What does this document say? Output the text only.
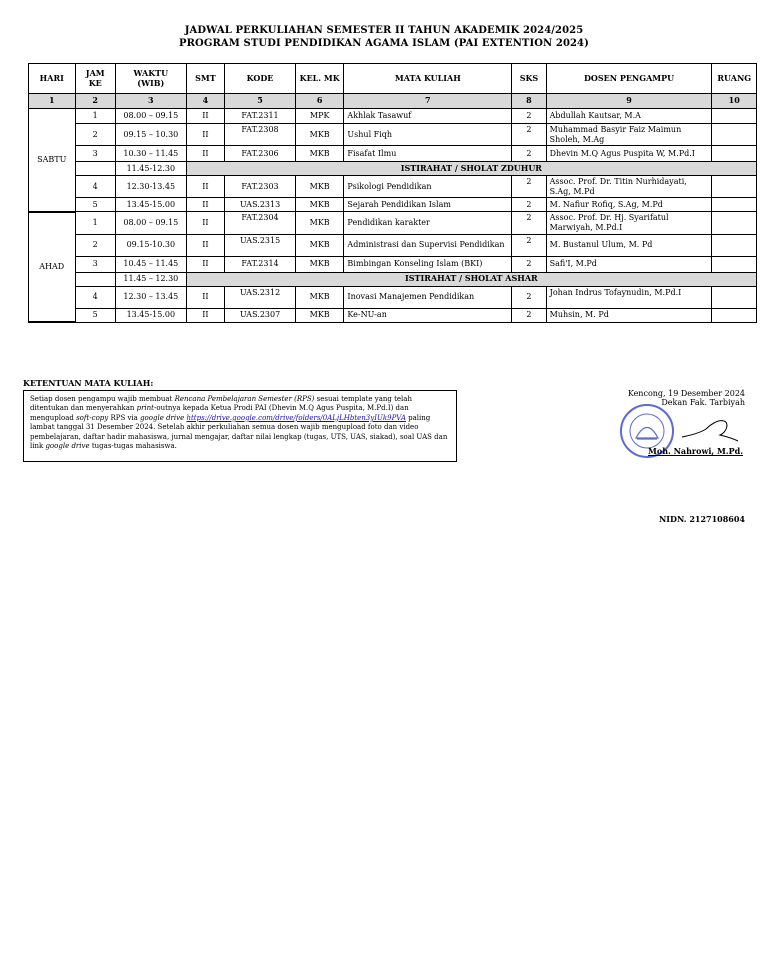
JADWAL PERKULIAHAN SEMESTER II TAHUN AKADEMIK 2024/2025
PROGRAM STUDI PENDIDIKAN AGAMA ISLAM (PAI EXTENTION 2024)
HARI	JAM KE	WAKTU (WIB)	SMT	KODE	KEL. MK	MATA KULIAH	SKS	DOSEN PENGAMPU	RUANG
1	2	3	4	5	6	7	8	9	10
SABTU	1	08.00 – 09.15	II	FAT.2311	MPK	Akhlak Tasawuf	2	Abdullah Kautsar, M.A	
	2	09.15 – 10.30	II	FAT.2308	MKB	Ushul Fiqh	2	Muhammad Basyir Faiz Maimun Sholeh, M.Ag	
	3	10.30 – 11.45	II	FAT.2306	MKB	Fisafat Ilmu	2	Dhevin M.Q Agus Puspita W, M.Pd.I	
		11.45-12.30	ISTIRAHAT / SHOLAT ZDUHUR						
	4	12.30-13.45	II	FAT.2303	MKB	Psikologi Pendidikan	2	Assoc. Prof. Dr. Titin Nurhidayati, S.Ag, M.Pd	
	5	13.45-15.00	II	UAS.2313	MKB	Sejarah Pendidikan Islam	2	M. Nafiur Rofiq, S.Ag, M.Pd	
AHAD	1	08.00 – 09.15	II	FAT.2304	MKB	Pendidikan karakter	2	Assoc. Prof. Dr. Hj. Syarifatul Marwiyah, M.Pd.I	
	2	09.15-10.30	II	UAS.2315	MKB	Administrasi dan Supervisi Pendidikan	2	M. Bustanul Ulum, M. Pd	
	3	10.45 – 11.45	II	FAT.2314	MKB	Bimbingan Konseling Islam (BKI)	2	Safi'I, M.Pd	
		11.45 – 12.30	ISTIRAHAT / SHOLAT ASHAR						
	4	12.30 – 13.45	II	UAS.2312	MKB	Inovasi Manajemen Pendidikan	2	Johan Indrus Tofaynudin, M.Pd.I	
	5	13.45-15.00	II	UAS.2307	MKB	Ke-NU-an	2	Muhsin, M. Pd	
KETENTUAN MATA KULIAH:
Setiap dosen pengampu wajib membuat Rencana Pembelajaran Semester (RPS) sesuai template yang telah ditentukan dan menyerahkan print-outnya kepada Ketua Prodi PAI (Dhevin M.Q Agus Puspita, M.Pd.I) dan mengupload soft-copy RPS via google drive https://drive.google.com/drive/folders/0ALjLHbten3yIUk9PVA paling lambat tanggal 31 Desember 2024. Setelah akhir perkuliahan semua dosen wajib mengupload foto dan video pembelajaran, daftar hadir mahasiswa, jurnal mengajar, daftar nilai lengkap (tugas, UTS, UAS, siakad), soal UAS dan link google drive tugas-tugas mahasiswa.
Kencong, 19 Desember 2024
Dekan Fak. Tarbiyah
Moh. Nahrowi, M.Pd.
NIDN. 2127108604
